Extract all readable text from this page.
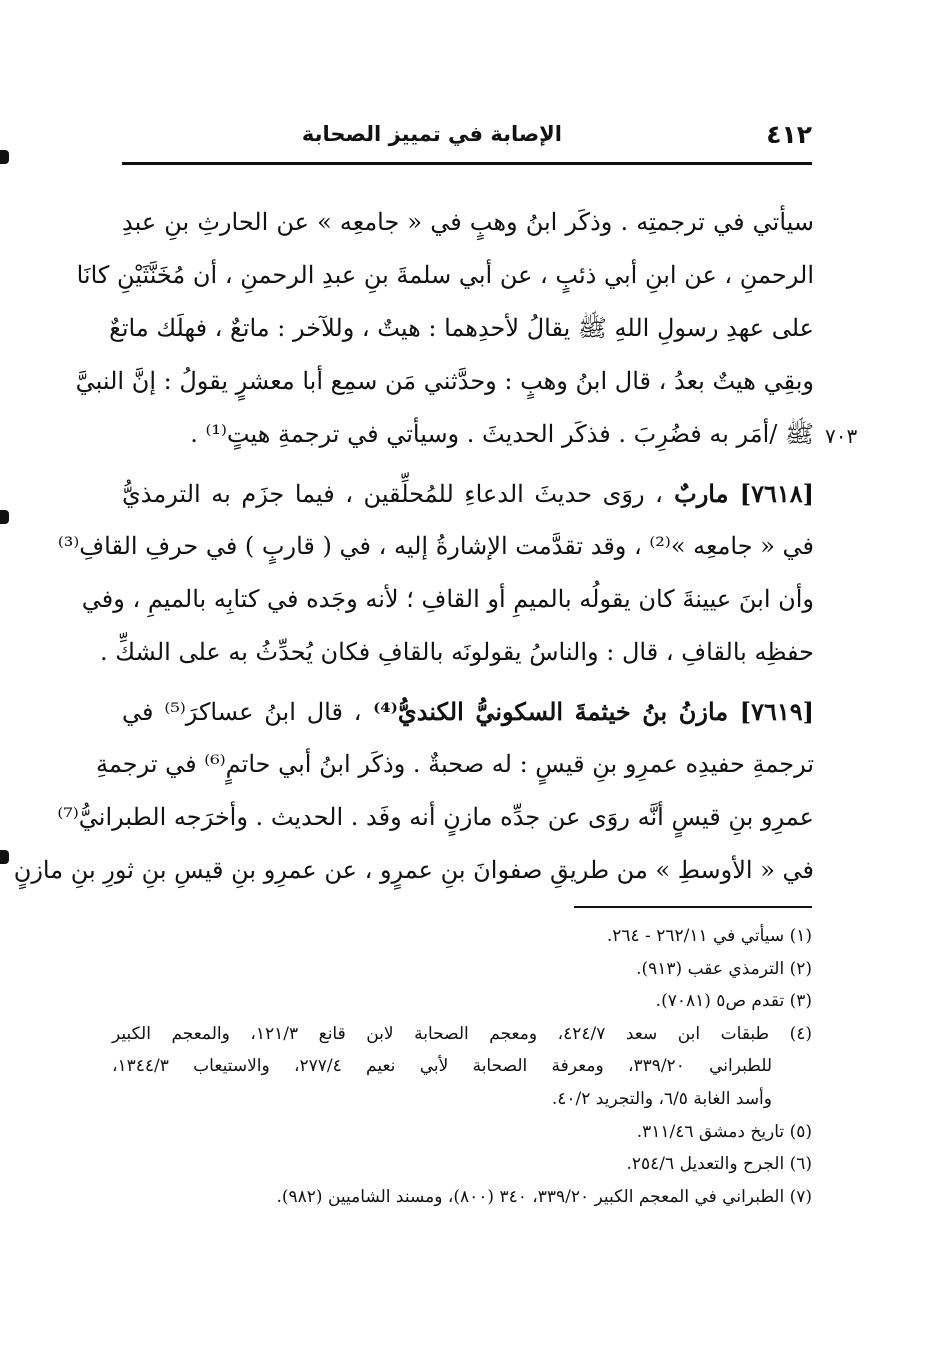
٤١٢
الإصابة في تمييز الصحابة
٧٠٣
سيأتي في ترجمتِه . وذكَر ابنُ وهبٍ في « جامعِه » عن الحارثِ بنِ عبدِ
الرحمنِ ، عن ابنِ أبي ذئبٍ ، عن أبي سلمةَ بنِ عبدِ الرحمنِ ، أن مُخَنَّثَيْنِ كانَا
على عهدِ رسولِ اللهِ ﷺ يقالُ لأحدِهما : هيتٌ ، وللآخر : ماتعٌ ، فهلَك ماتعٌ
وبقِي هيتٌ بعدُ ، قال ابنُ وهبٍ : وحدَّثني مَن سمِع أبا معشرٍ يقولُ : إنَّ النبيَّ
ﷺ /أمَر به فضُرِبَ . فذكَر الحديثَ . وسيأتي في ترجمةِ هيتٍ⁽¹⁾ .
[٧٦١٨] ماربٌ ، روَى حديثَ الدعاءِ للمُحلِّقين ، فيما جزَم به الترمذيُّ
في « جامعِه »⁽²⁾ ، وقد تقدَّمت الإشارةُ إليه ، في ( قاربٍ ) في حرفِ القافِ⁽³⁾
وأن ابنَ عيينةَ كان يقولُه بالميمِ أو القافِ ؛ لأنه وجَده في كتابِه بالميمِ ، وفي
حفظِه بالقافِ ، قال : والناسُ يقولونَه بالقافِ فكان يُحدِّثُ به على الشكِّ .
[٧٦١٩] مازنُ بنُ خيثمةَ السكونيُّ الكنديُّ⁽⁴⁾ ، قال ابنُ عساكرَ⁽⁵⁾ في
ترجمةِ حفيدِه عمرِو بنِ قيسٍ : له صحبةٌ . وذكَر ابنُ أبي حاتمٍ⁽⁶⁾ في ترجمةِ
عمرِو بنِ قيسٍ أنَّه روَى عن جدِّه مازنٍ أنه وفَد . الحديث . وأخرَجه الطبرانيُّ⁽⁷⁾
في « الأوسطِ » من طريقِ صفوانَ بنِ عمرٍو ، عن عمرِو بنِ قيسِ بنِ ثورِ بنِ مازنٍ
(١) سيأتي في ٢٦٢/١١ - ٢٦٤.
(٢) الترمذي عقب (٩١٣).
(٣) تقدم ص٥ (٧٠٨١).
(٤) طبقات ابن سعد ٤٢٤/٧، ومعجم الصحابة لابن قانع ١٢١/٣، والمعجم الكبير
للطبراني ٣٣٩/٢٠، ومعرفة الصحابة لأبي نعيم ٢٧٧/٤، والاستيعاب ١٣٤٤/٣،
وأسد الغابة ٦/٥، والتجريد ٤٠/٢.
(٥) تاريخ دمشق ٣١١/٤٦.
(٦) الجرح والتعديل ٢٥٤/٦.
(٧) الطبراني في المعجم الكبير ٣٣٩/٢٠، ٣٤٠ (٨٠٠)، ومسند الشاميين (٩٨٢).
